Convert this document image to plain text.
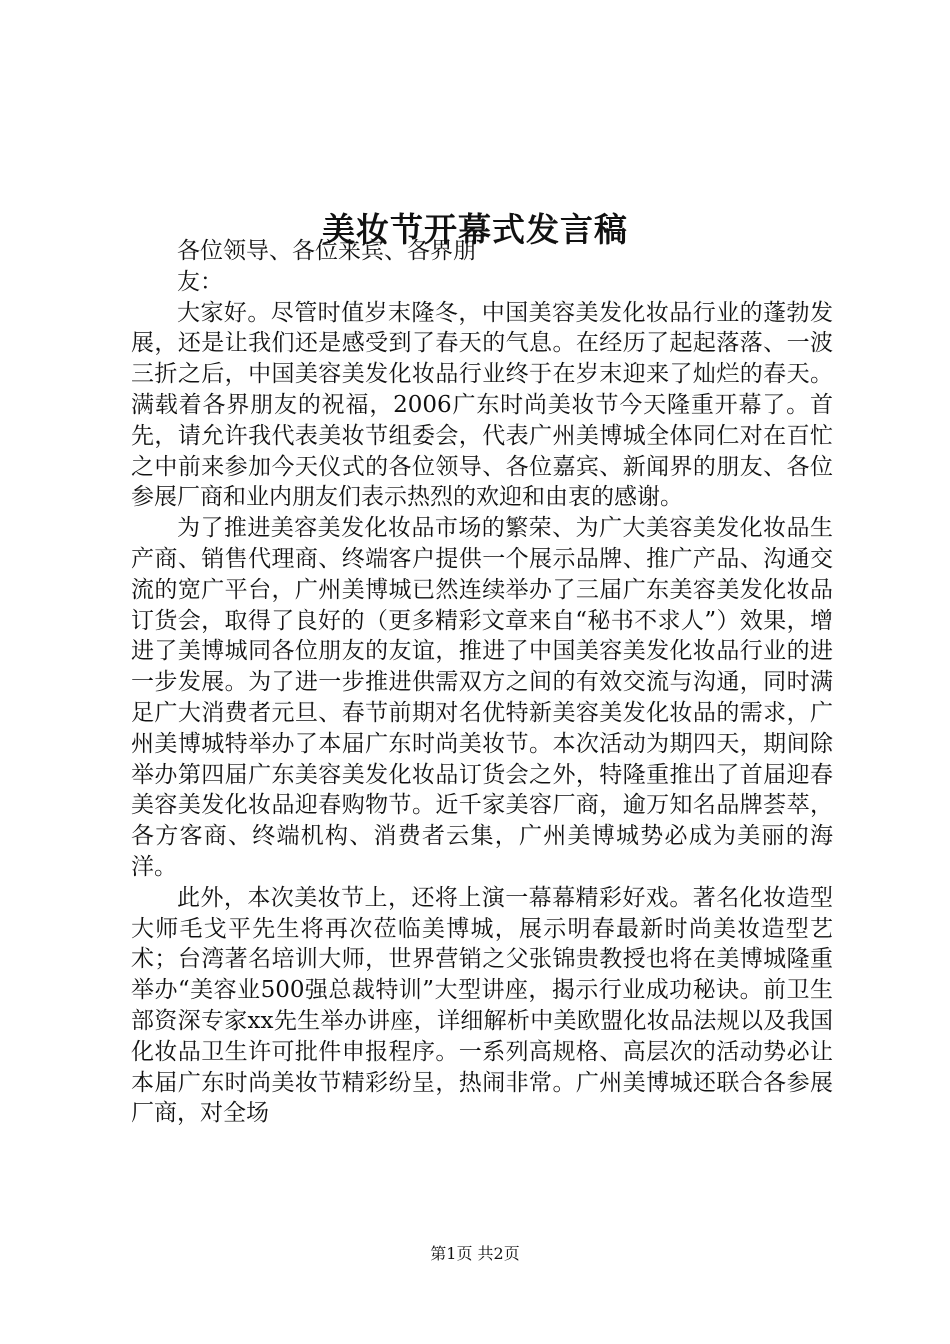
美妆节开幕式发言稿
各位领导、各位来宾、各界朋友：

大家好。尽管时值岁末隆冬，中国美容美发化妆品行业的蓬勃发展，还是让我们还是感受到了春天的气息。在经历了起起落落、一波三折之后，中国美容美发化妆品行业终于在岁末迎来了灿烂的春天。满载着各界朋友的祝福，2006广东时尚美妆节今天隆重开幕了。首先，请允许我代表美妆节组委会，代表广州美博城全体同仁对在百忙之中前来参加今天仪式的各位领导、各位嘉宾、新闻界的朋友、各位参展厂商和业内朋友们表示热烈的欢迎和由衷的感谢。

为了推进美容美发化妆品市场的繁荣、为广大美容美发化妆品生产商、销售代理商、终端客户提供一个展示品牌、推广产品、沟通交流的宽广平台，广州美博城已然连续举办了三届广东美容美发化妆品订货会，取得了良好的（更多精彩文章来自“秘书不求人”）效果，增进了美博城同各位朋友的友谊，推进了中国美容美发化妆品行业的进一步发展。为了进一步推进供需双方之间的有效交流与沟通，同时满足广大消费者元旦、春节前期对名优特新美容美发化妆品的需求，广州美博城特举办了本届广东时尚美妆节。本次活动为期四天，期间除举办第四届广东美容美发化妆品订货会之外，特隆重推出了首届迎春美容美发化妆品迎春购物节。近千家美容厂商，逾万知名品牌荟萃，各方客商、终端机构、消费者云集，广州美博城势必成为美丽的海洋。

此外，本次美妆节上，还将上演一幕幕精彩好戏。著名化妆造型大师毛戈平先生将再次莅临美博城，展示明春最新时尚美妆造型艺术；台湾著名培训大师，世界营销之父张锦贵教授也将在美博城隆重举办“美容业500强总裁特训”大型讲座，揭示行业成功秘诀。前卫生部资深专家xx先生举办讲座，详细解析中美欧盟化妆品法规以及我国化妆品卫生许可批件申报程序。一系列高规格、高层次的活动势必让本届广东时尚美妆节精彩纷呈，热闹非常。广州美博城还联合各参展厂商，对全场

第1页 共2页
